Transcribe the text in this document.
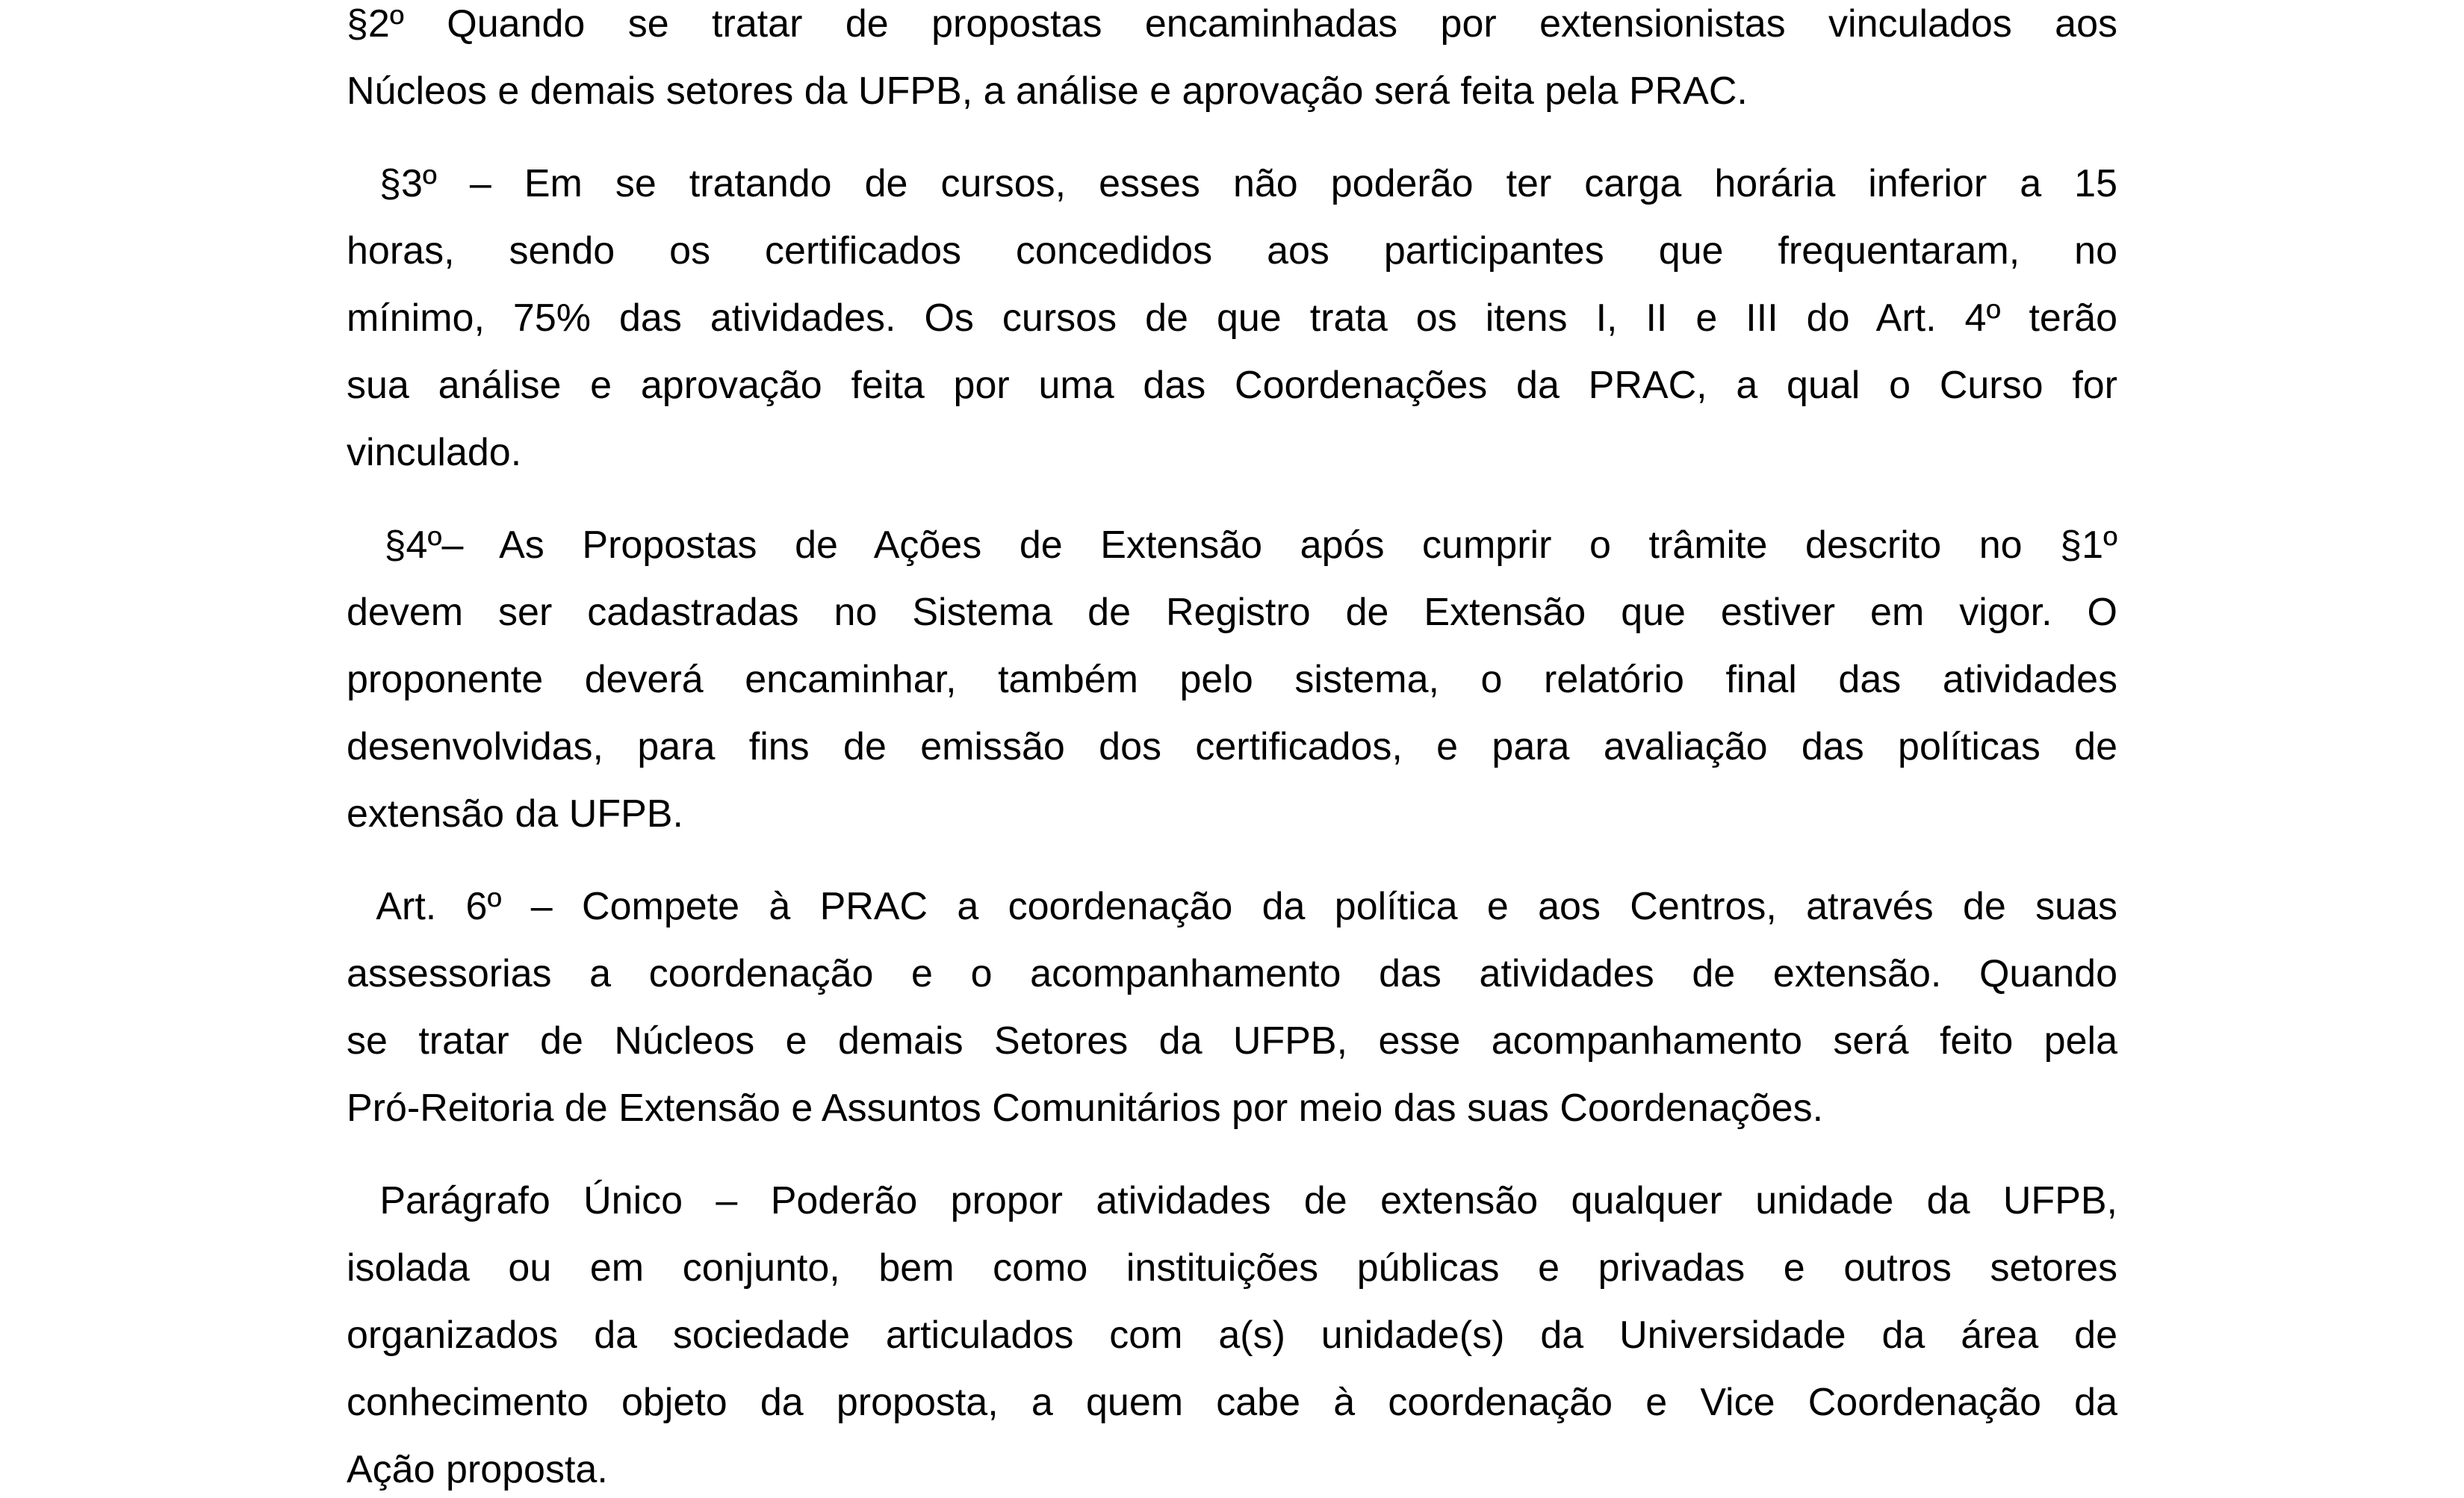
§2º Quando se tratar de propostas encaminhadas por extensionistas vinculados aos
Núcleos e demais setores da UFPB, a análise e aprovação será feita pela PRAC.
§3º – Em se tratando de cursos, esses não poderão ter carga horária inferior a 15
horas, sendo os certificados concedidos aos participantes que frequentaram, no
mínimo, 75% das atividades. Os cursos de que trata os itens I, II e III do Art. 4º terão
sua análise e aprovação feita por uma das Coordenações da PRAC, a qual o Curso for
vinculado.
§4º– As Propostas de Ações de Extensão após cumprir o trâmite descrito no §1º
devem ser cadastradas no Sistema de Registro de Extensão que estiver em vigor. O
proponente deverá encaminhar, também pelo sistema, o relatório final das atividades
desenvolvidas, para fins de emissão dos certificados, e para avaliação das políticas de
extensão da UFPB.
Art. 6º – Compete à PRAC a coordenação da política e aos Centros, através de suas
assessorias a coordenação e o acompanhamento das atividades de extensão. Quando
se tratar de Núcleos e demais Setores da UFPB, esse acompanhamento será feito pela
Pró-Reitoria de Extensão e Assuntos Comunitários por meio das suas Coordenações.
Parágrafo Único – Poderão propor atividades de extensão qualquer unidade da UFPB,
isolada ou em conjunto, bem como instituições públicas e privadas e outros setores
organizados da sociedade articulados com a(s) unidade(s) da Universidade da área de
conhecimento objeto da proposta, a quem cabe à coordenação e Vice Coordenação da
Ação proposta.
